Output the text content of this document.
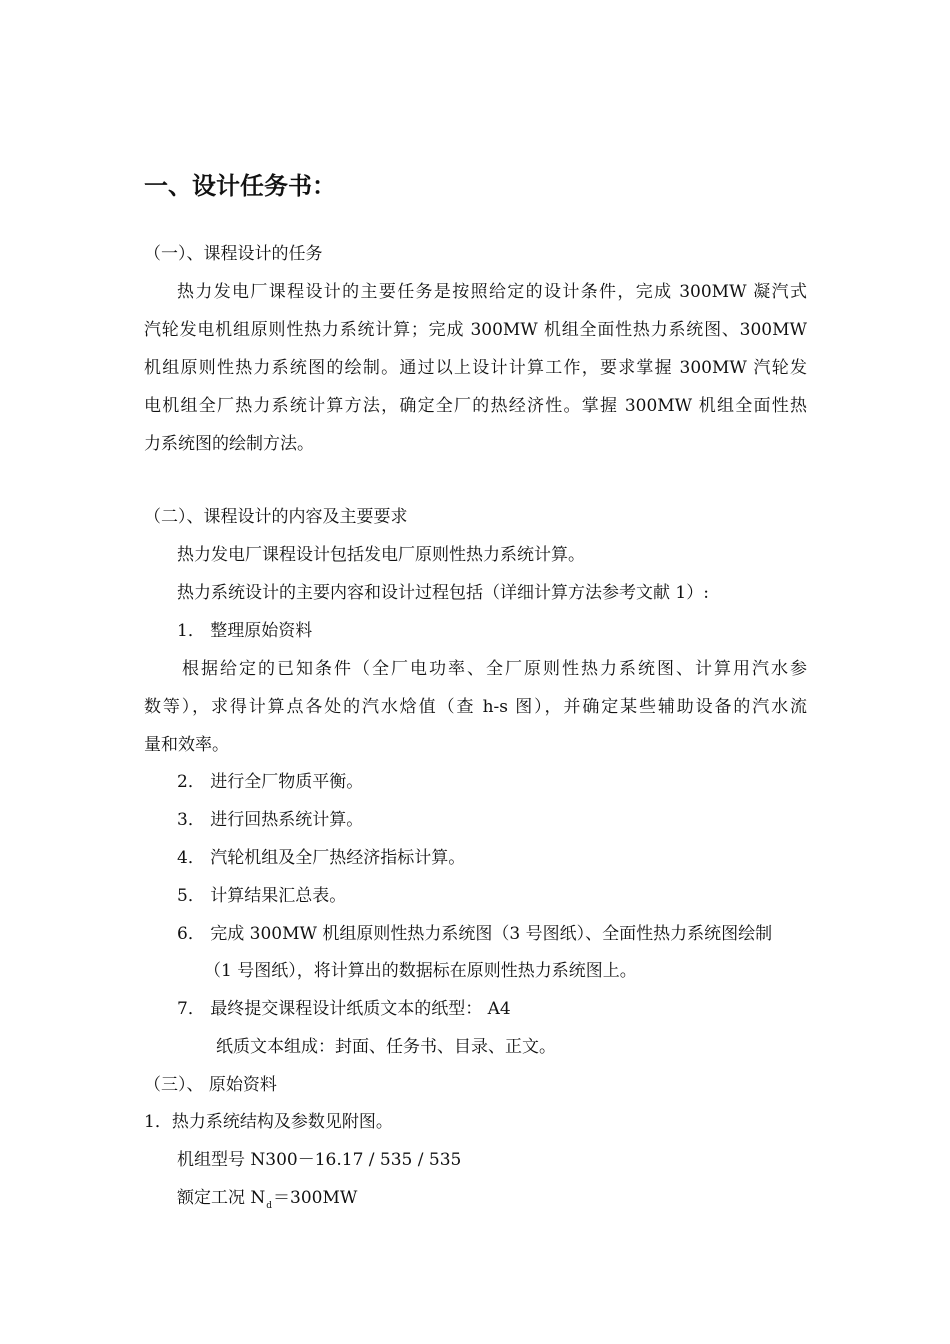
一、设计任务书：
（一）、课程设计的任务
热力发电厂课程设计的主要任务是按照给定的设计条件，完成 300MW 凝汽式
汽轮发电机组原则性热力系统计算；完成 300MW 机组全面性热力系统图、300MW
机组原则性热力系统图的绘制。通过以上设计计算工作，要求掌握 300MW 汽轮发
电机组全厂热力系统计算方法，确定全厂的热经济性。掌握 300MW 机组全面性热
力系统图的绘制方法。
（二）、课程设计的内容及主要要求
热力发电厂课程设计包括发电厂原则性热力系统计算。
热力系统设计的主要内容和设计过程包括（详细计算方法参考文献 1）:
1． 整理原始资料
根据给定的已知条件（全厂电功率、全厂原则性热力系统图、计算用汽水参
数等），求得计算点各处的汽水焓值（查 h-s 图），并确定某些辅助设备的汽水流
量和效率。
2． 进行全厂物质平衡。
3． 进行回热系统计算。
4． 汽轮机组及全厂热经济指标计算。
5． 计算结果汇总表。
6． 完成 300MW 机组原则性热力系统图（3 号图纸）、全面性热力系统图绘制
（1 号图纸），将计算出的数据标在原则性热力系统图上。
7． 最终提交课程设计纸质文本的纸型： A4
纸质文本组成：封面、任务书、目录、正文。
（三）、 原始资料
1．热力系统结构及参数见附图。
机组型号 N300－16.17 / 535 / 535
额定工况 $N_d=300MW$
